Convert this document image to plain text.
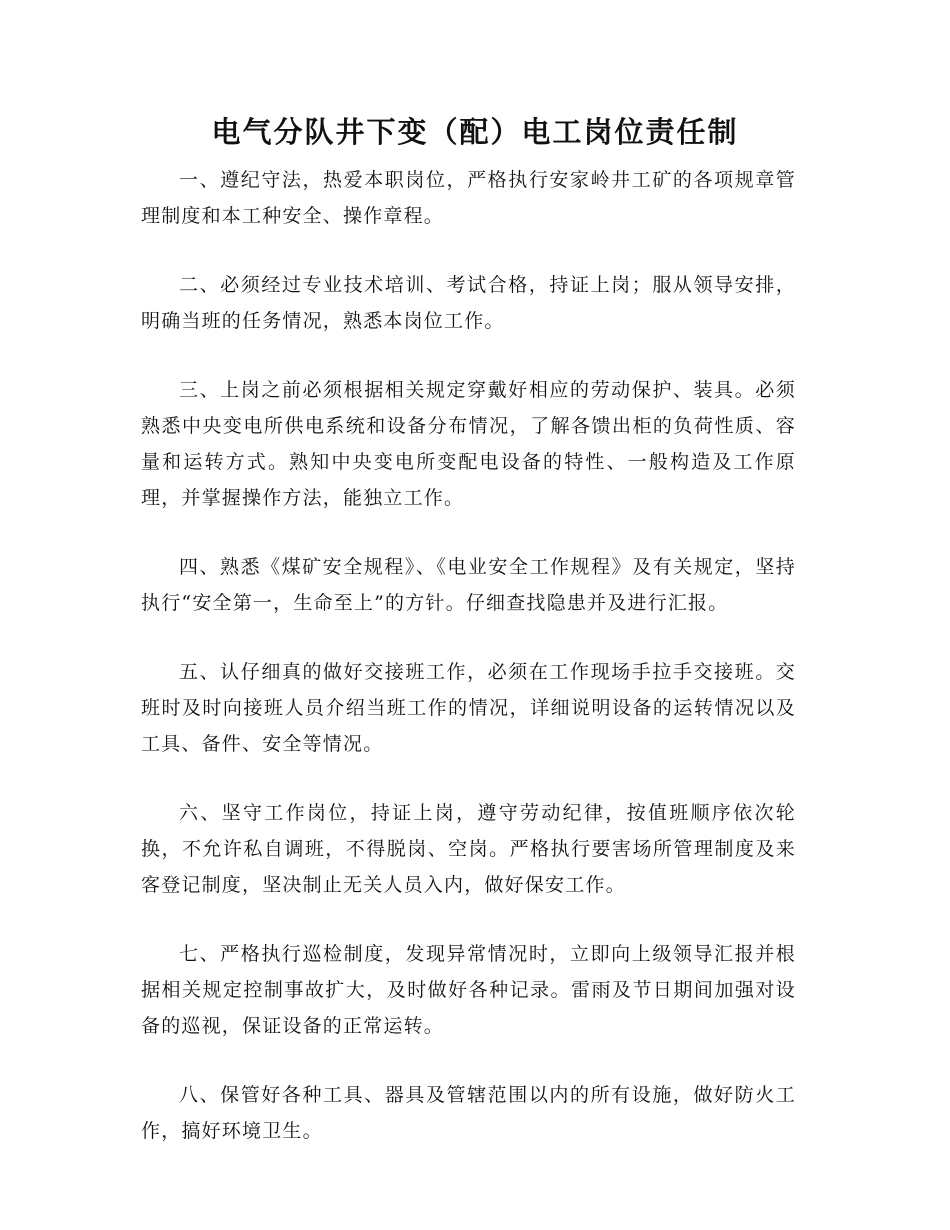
电气分队井下变（配）电工岗位责任制

一、遵纪守法，热爱本职岗位，严格执行安家岭井工矿的各项规章管理制度和本工种安全、操作章程。

二、必须经过专业技术培训、考试合格，持证上岗；服从领导安排，明确当班的任务情况，熟悉本岗位工作。

三、上岗之前必须根据相关规定穿戴好相应的劳动保护、装具。必须熟悉中央变电所供电系统和设备分布情况，了解各馈出柜的负荷性质、容量和运转方式。熟知中央变电所变配电设备的特性、一般构造及工作原理，并掌握操作方法，能独立工作。

四、熟悉《煤矿安全规程》、《电业安全工作规程》及有关规定，坚持执行“安全第一，生命至上”的方针。仔细查找隐患并及进行汇报。

五、认仔细真的做好交接班工作，必须在工作现场手拉手交接班。交班时及时向接班人员介绍当班工作的情况，详细说明设备的运转情况以及工具、备件、安全等情况。

六、坚守工作岗位，持证上岗，遵守劳动纪律，按值班顺序依次轮换，不允许私自调班，不得脱岗、空岗。严格执行要害场所管理制度及来客登记制度，坚决制止无关人员入内，做好保安工作。

七、严格执行巡检制度，发现异常情况时，立即向上级领导汇报并根据相关规定控制事故扩大，及时做好各种记录。雷雨及节日期间加强对设备的巡视，保证设备的正常运转。

八、保管好各种工具、器具及管辖范围以内的所有设施，做好防火工作，搞好环境卫生。
